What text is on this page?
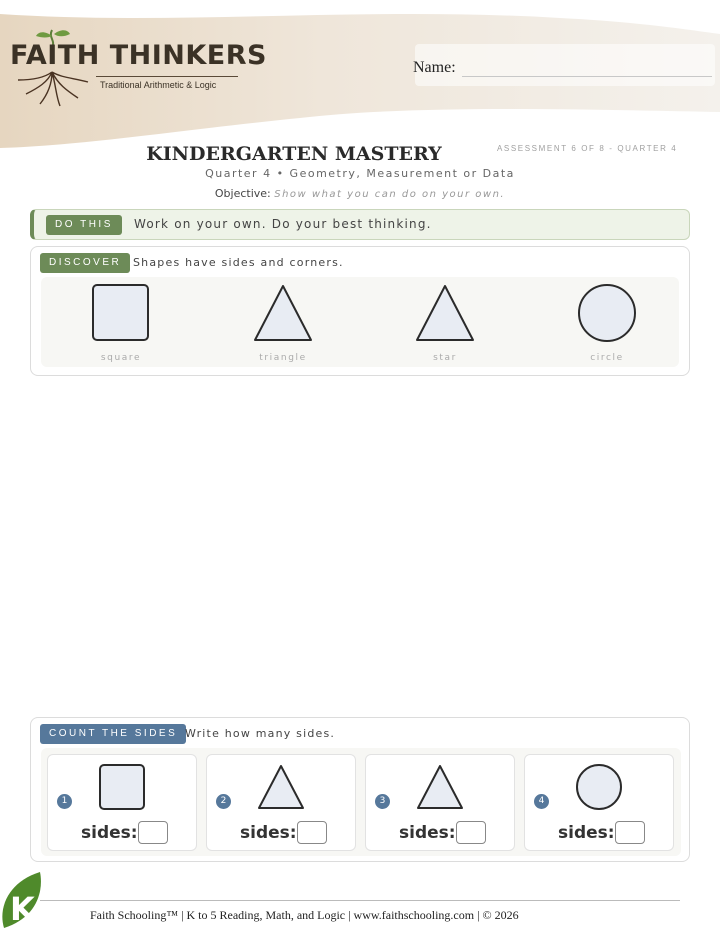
FAITH THINKERS
Traditional Arithmetic & Logic
Name:
KINDERGARTEN MASTERY	ASSESSMENT 6 OF 8 - QUARTER 4
Quarter 4 • Geometry, Measurement or Data
Objective: Show what you can do on your own.
DO THIS	Work on your own. Do your best thinking.
DISCOVER	Shapes have sides and corners.
square	triangle	star	circle
COUNT THE SIDES Write how many sides.
1
sides:
2
sides:
3
sides:
4
sides:
K	Faith Schooling™ | K to 5 Reading, Math, and Logic | www.faithschooling.com | © 2026
